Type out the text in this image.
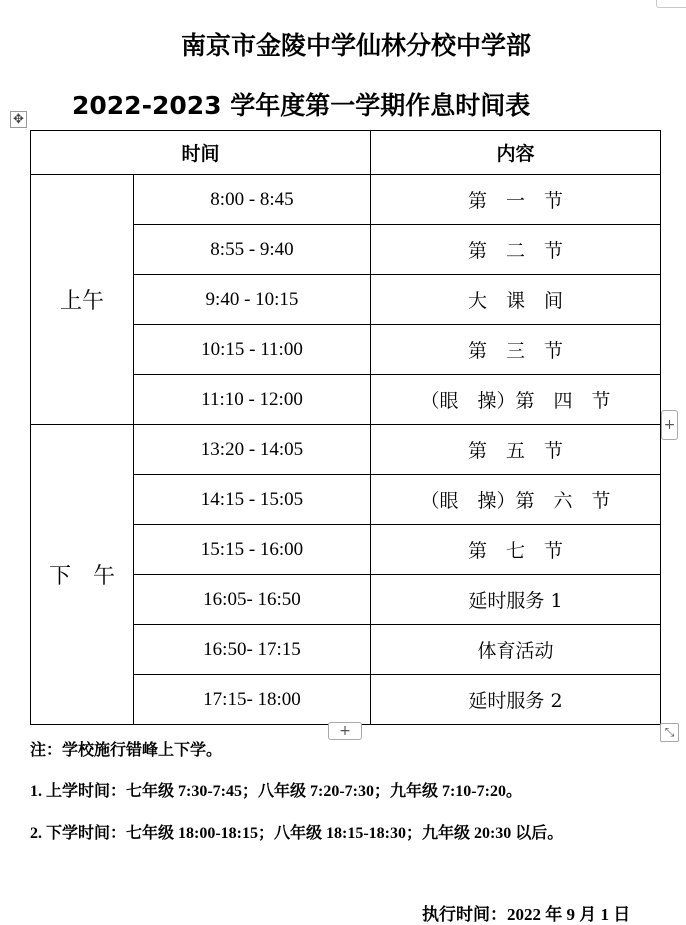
南京市金陵中学仙林分校中学部
2022-2023 学年度第一学期作息时间表
✥
时间		内容
上午	8:00 - 8:45	第　一　节
	8:55 - 9:40	第　二　节
	9:40 - 10:15	大　课　间
	10:15 - 11:00	第　三　节
	11:10 - 12:00	（眼　操）第　四　节
下　午	13:20 - 14:05	第　五　节
	14:15 - 15:05	（眼　操）第　六　节
	15:15 - 16:00	第　七　节
	16:05- 16:50	延时服务 1
	16:50- 17:15	体育活动
	17:15- 18:00	延时服务 2
+
+	⤡
注：学校施行错峰上下学。
1. 上学时间：七年级 7:30-7:45；八年级 7:20-7:30；九年级 7:10-7:20。
2. 下学时间：七年级 18:00-18:15；八年级 18:15-18:30；九年级 20:30 以后。
执行时间：2022 年 9 月 1 日
